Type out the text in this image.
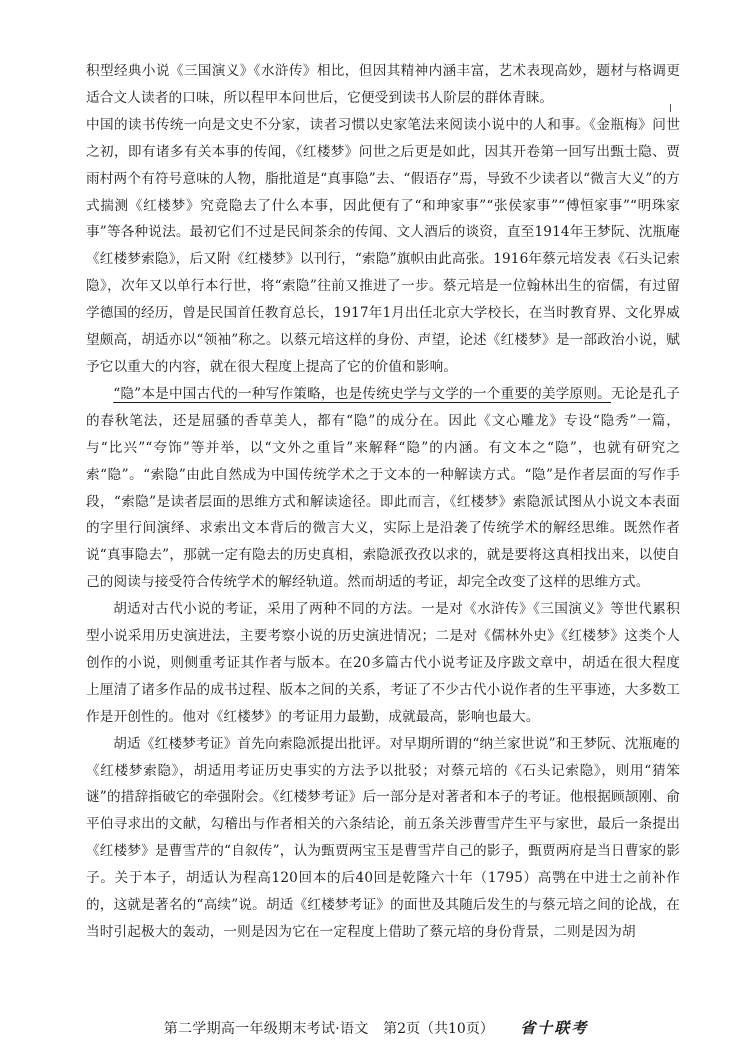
积型经典小说《三国演义》《水浒传》相比，但因其精神内涵丰富，艺术表现高妙，题材与格调更适合文人读者的口味，所以程甲本问世后，它便受到读书人阶层的群体青睐。

中国的读书传统一向是文史不分家，读者习惯以史家笔法来阅读小说中的人和事。《金瓶梅》问世之初，即有诸多有关本事的传闻，《红楼梦》问世之后更是如此，因其开卷第一回写出甄士隐、贾雨村两个有符号意味的人物，脂批道是“真事隐”去、“假语存”焉，导致不少读者以“微言大义”的方式揣测《红楼梦》究竟隐去了什么本事，因此便有了“和珅家事”“张侯家事”“傅恒家事”“明珠家事”等各种说法。最初它们不过是民间茶余的传闻、文人酒后的谈资，直至1914年王梦阮、沈瓶庵《红楼梦索隐》，后又附《红楼梦》以刊行，“索隐”旗帜由此高张。1916年蔡元培发表《石头记索隐》，次年又以单行本行世，将“索隐”往前又推进了一步。蔡元培是一位翰林出生的宿儒，有过留学德国的经历，曾是民国首任教育总长，1917年1月出任北京大学校长，在当时教育界、文化界威望颇高，胡适亦以“领袖”称之。以蔡元培这样的身份、声望，论述《红楼梦》是一部政治小说，赋予它以重大的内容，就在很大程度上提高了它的价值和影响。

“隐”本是中国古代的一种写作策略，也是传统史学与文学的一个重要的美学原则。无论是孔子的春秋笔法，还是屈骚的香草美人，都有“隐”的成分在。因此《文心雕龙》专设“隐秀”一篇，与“比兴”“夸饰”等并举，以“文外之重旨”来解释“隐”的内涵。有文本之“隐”，也就有研究之索“隐”。“索隐”由此自然成为中国传统学术之于文本的一种解读方式。“隐”是作者层面的写作手段，“索隐”是读者层面的思维方式和解读途径。即此而言，《红楼梦》索隐派试图从小说文本表面的字里行间演绎、求索出文本背后的微言大义，实际上是沿袭了传统学术的解经思维。既然作者说“真事隐去”，那就一定有隐去的历史真相，索隐派孜孜以求的，就是要将这真相找出来，以使自己的阅读与接受符合传统学术的解经轨道。然而胡适的考证，却完全改变了这样的思维方式。

胡适对古代小说的考证，采用了两种不同的方法。一是对《水浒传》《三国演义》等世代累积型小说采用历史演进法，主要考察小说的历史演进情况；二是对《儒林外史》《红楼梦》这类个人创作的小说，则侧重考证其作者与版本。在20多篇古代小说考证及序跋文章中，胡适在很大程度上厘清了诸多作品的成书过程、版本之间的关系，考证了不少古代小说作者的生平事迹，大多数工作是开创性的。他对《红楼梦》的考证用力最勤，成就最高，影响也最大。

胡适《红楼梦考证》首先向索隐派提出批评。对早期所谓的“纳兰家世说”和王梦阮、沈瓶庵的《红楼梦索隐》，胡适用考证历史事实的方法予以批驳；对蔡元培的《石头记索隐》，则用“猜笨谜”的措辞指破它的牵强附会。《红楼梦考证》后一部分是对著者和本子的考证。他根据顾颉刚、俞平伯寻求出的文献，勾稽出与作者相关的六条结论，前五条关涉曹雪芹生平与家世，最后一条提出《红楼梦》是曹雪芹的“自叙传”，认为甄贾两宝玉是曹雪芹自己的影子，甄贾两府是当日曹家的影子。关于本子，胡适认为程高120回本的后40回是乾隆六十年（1795）高鹗在中进士之前补作的，这就是著名的“高续”说。胡适《红楼梦考证》的面世及其随后发生的与蔡元培之间的论战，在当时引起极大的轰动，一则是因为它在一定程度上借助了蔡元培的身份背景，二则是因为胡

第二学期高一年级期末考试·语文 第2页（共10页） 省十联考
